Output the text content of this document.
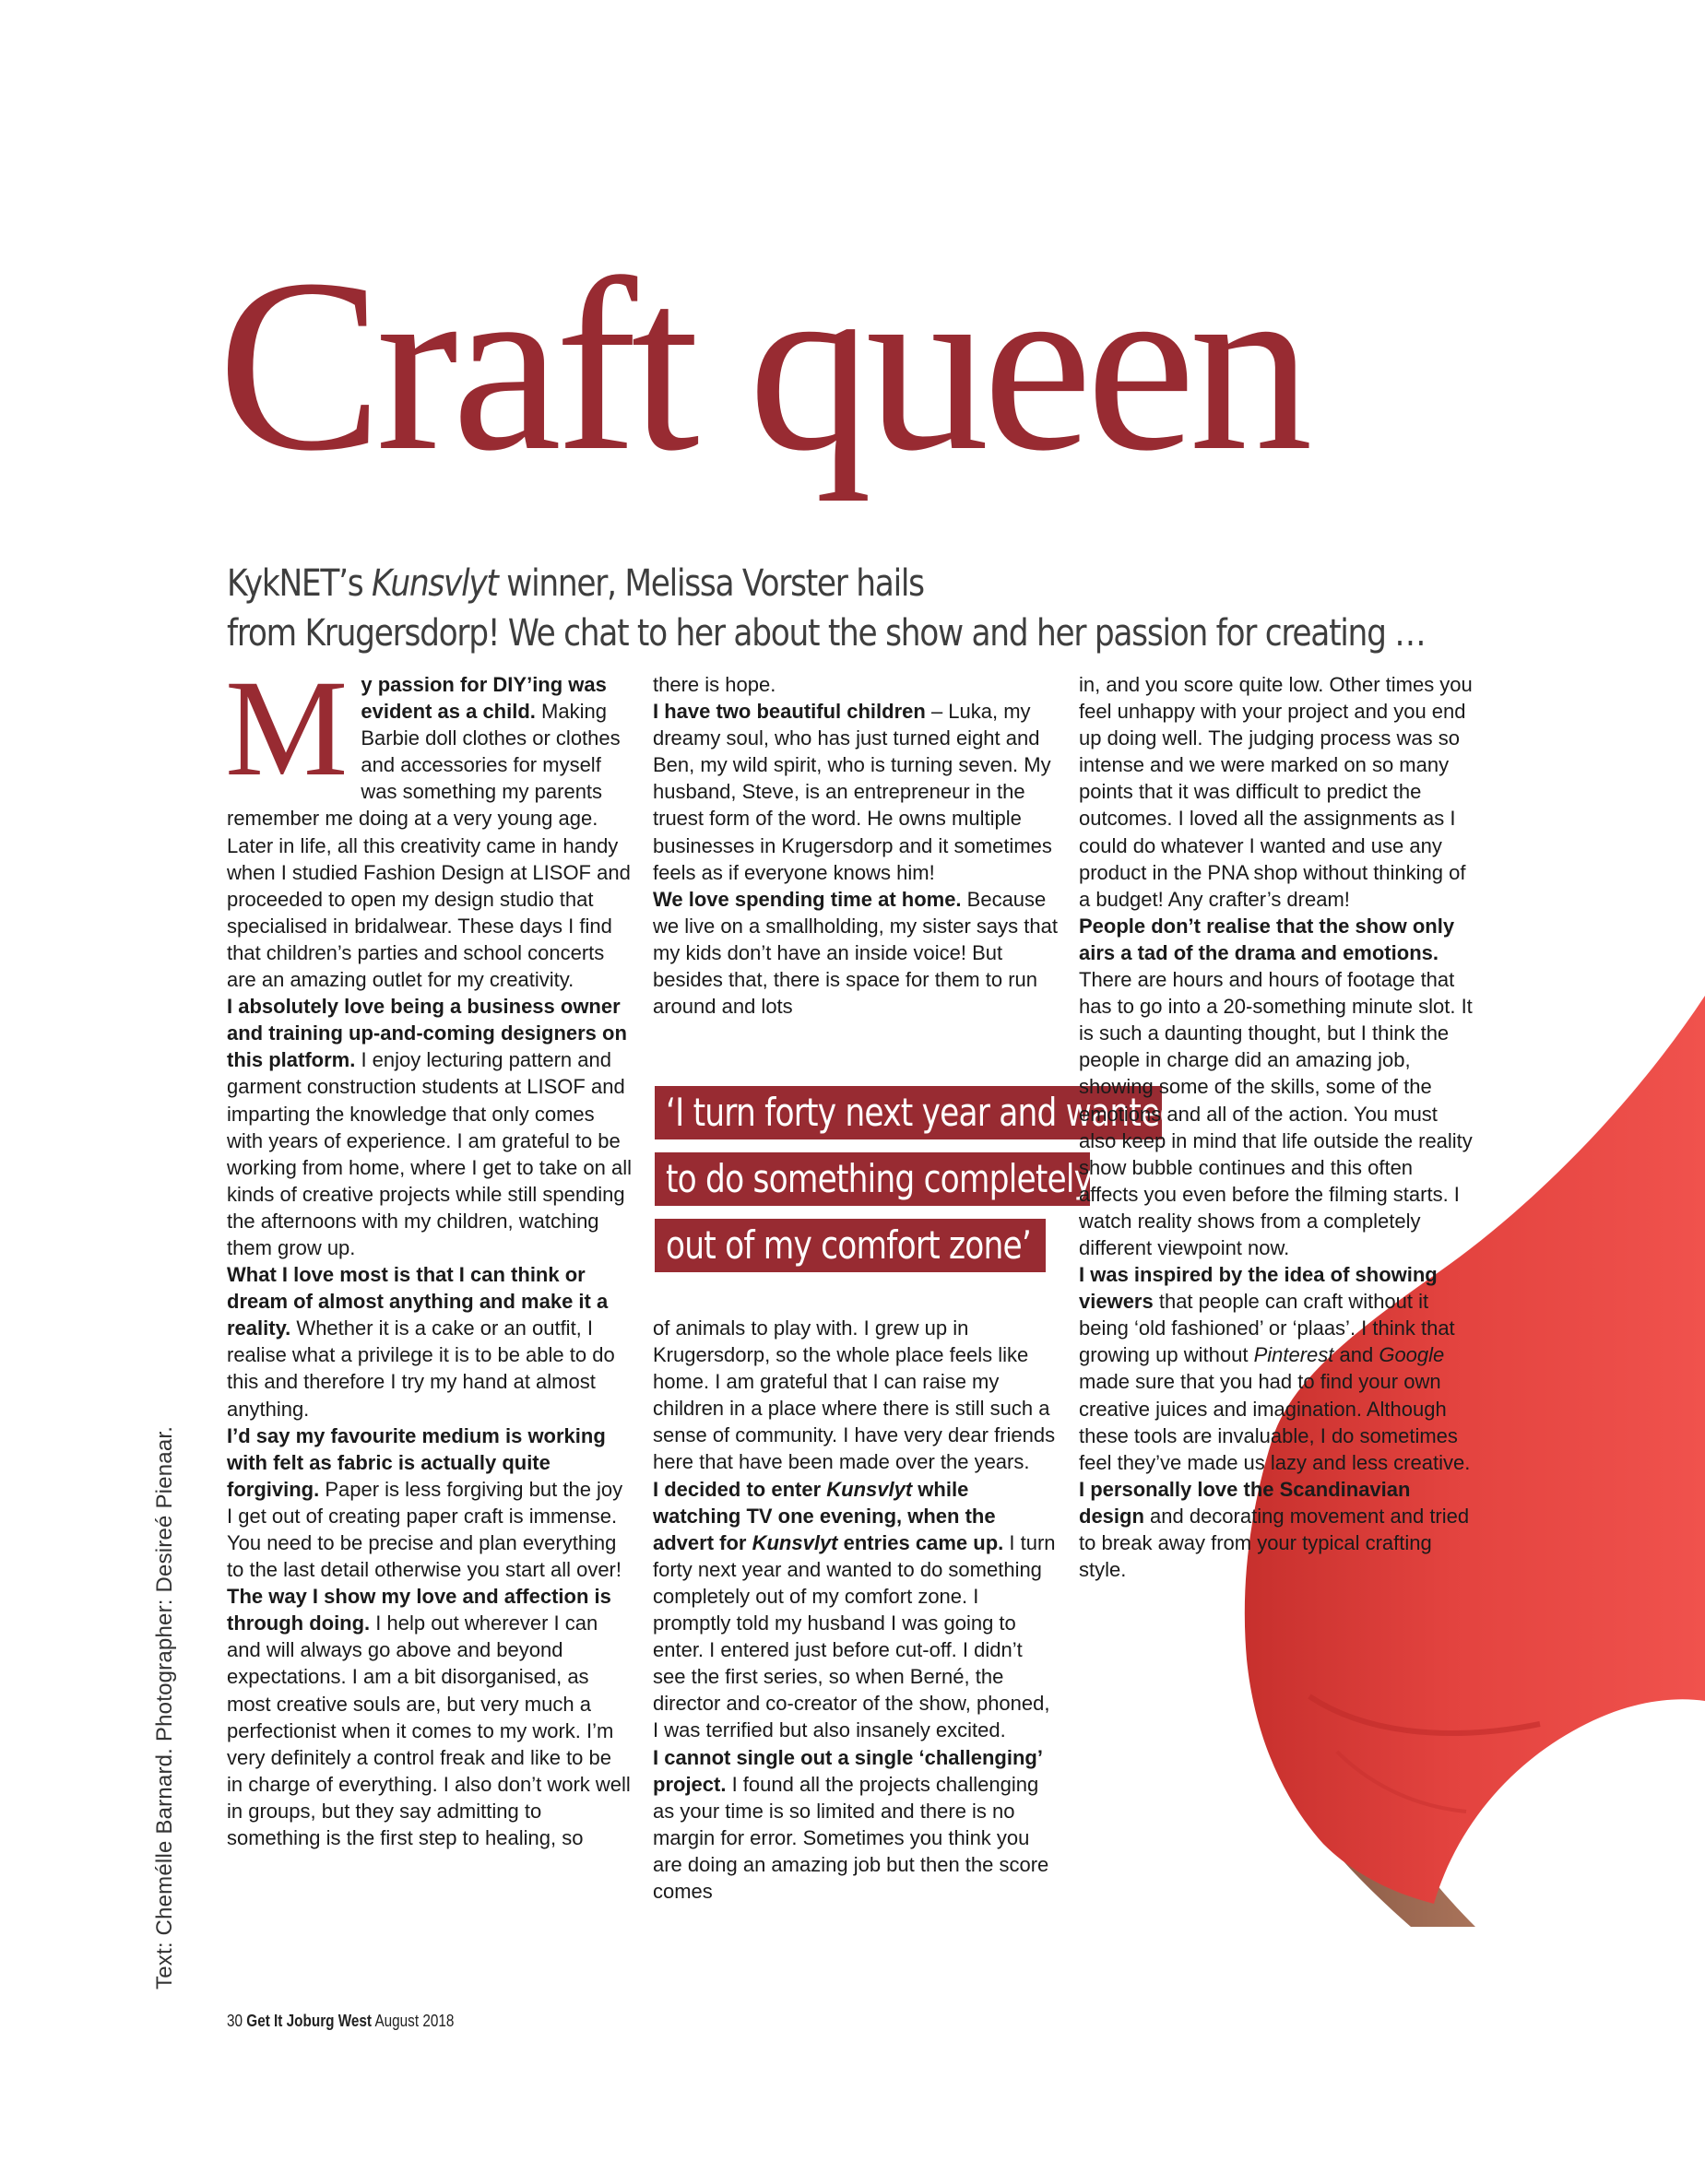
Craft queen
KykNET’s Kunsvlyt winner, Melissa Vorster hails
from Krugersdorp! We chat to her about the show and her passion for creating …

My passion for DIY’ing was evident as a child. Making Barbie doll clothes or clothes and accessories for myself was something my parents remember me doing at a very young age. Later in life, all this creativity came in handy when I studied Fashion Design at LISOF and proceeded to open my design studio that specialised in bridalwear. These days I find that children’s parties and school concerts are an amazing outlet for my creativity.

I absolutely love being a business owner and training up-and-coming designers on this platform. I enjoy lecturing pattern and garment construction students at LISOF and imparting the knowledge that only comes with years of experience. I am grateful to be working from home, where I get to take on all kinds of creative projects while still spending the afternoons with my children, watching them grow up.

What I love most is that I can think or dream of almost anything and make it a reality. Whether it is a cake or an outfit, I realise what a privilege it is to be able to do this and therefore I try my hand at almost anything.

I’d say my favourite medium is working with felt as fabric is actually quite forgiving. Paper is less forgiving but the joy I get out of creating paper craft is immense. You need to be precise and plan everything to the last detail otherwise you start all over!

The way I show my love and affection is through doing. I help out wherever I can and will always go above and beyond expectations. I am a bit disorganised, as most creative souls are, but very much a perfectionist when it comes to my work. I’m very definitely a control freak and like to be in charge of everything. I also don’t work well in groups, but they say admitting to something is the first step to healing, so

there is hope.

I have two beautiful children – Luka, my dreamy soul, who has just turned eight and Ben, my wild spirit, who is turning seven. My husband, Steve, is an entrepreneur in the truest form of the word. He owns multiple businesses in Krugersdorp and it sometimes feels as if everyone knows him!

We love spending time at home. Because we live on a smallholding, my sister says that my kids don’t have an inside voice! But besides that, there is space for them to run around and lots

‘I turn forty next year and wanted
to do something completely
out of my comfort zone’

of animals to play with. I grew up in Krugersdorp, so the whole place feels like home. I am grateful that I can raise my children in a place where there is still such a sense of community. I have very dear friends here that have been made over the years.

I decided to enter Kunsvlyt while watching TV one evening, when the advert for Kunsvlyt entries came up. I turn forty next year and wanted to do something completely out of my comfort zone. I promptly told my husband I was going to enter. I entered just before cut-off. I didn’t see the first series, so when Berné, the director and co-creator of the show, phoned, I was terrified but also insanely excited.

I cannot single out a single ‘challenging’ project. I found all the projects challenging as your time is so limited and there is no margin for error. Sometimes you think you are doing an amazing job but then the score comes

in, and you score quite low. Other times you feel unhappy with your project and you end up doing well. The judging process was so intense and we were marked on so many points that it was difficult to predict the outcomes. I loved all the assignments as I could do whatever I wanted and use any product in the PNA shop without thinking of a budget! Any crafter’s dream!

People don’t realise that the show only airs a tad of the drama and emotions. There are hours and hours of footage that has to go into a 20-something minute slot. It is such a daunting thought, but I think the people in charge did an amazing job, showing some of the skills, some of the emotions and all of the action. You must also keep in mind that life outside the reality show bubble continues and this often affects you even before the filming starts. I watch reality shows from a completely different viewpoint now.

I was inspired by the idea of showing viewers that people can craft without it being ‘old fashioned’ or ‘plaas’. I think that growing up without Pinterest and Google made sure that you had to find your own creative juices and imagination. Although these tools are invaluable, I do sometimes feel they’ve made us lazy and less creative.

I personally love the Scandinavian design and decorating movement and tried to break away from your typical crafting style.

Text: Chemélle Barnard. Photographer: Desireé Pienaar.
30 Get It Joburg West August 2018
